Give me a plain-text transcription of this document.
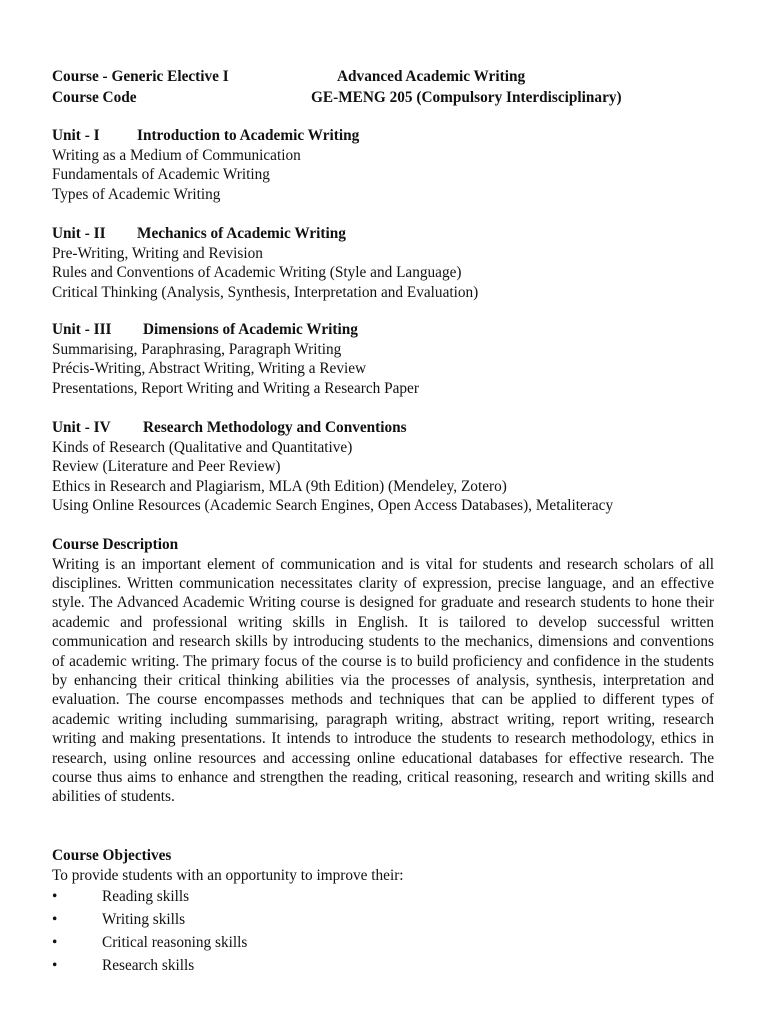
Course - Generic Elective I	Advanced Academic Writing
Course Code	GE-MENG 205 (Compulsory Interdisciplinary)
Unit - I Introduction to Academic Writing
Writing as a Medium of Communication
Fundamentals of Academic Writing
Types of Academic Writing
Unit - II Mechanics of Academic Writing
Pre-Writing, Writing and Revision
Rules and Conventions of Academic Writing (Style and Language)
Critical Thinking (Analysis, Synthesis, Interpretation and Evaluation)
Unit - III Dimensions of Academic Writing
Summarising, Paraphrasing, Paragraph Writing
Précis-Writing, Abstract Writing, Writing a Review
Presentations, Report Writing and Writing a Research Paper
Unit - IV Research Methodology and Conventions
Kinds of Research (Qualitative and Quantitative)
Review (Literature and Peer Review)
Ethics in Research and Plagiarism, MLA (9th Edition) (Mendeley, Zotero)
Using Online Resources (Academic Search Engines, Open Access Databases), Metaliteracy
Course Description

Writing is an important element of communication and is vital for students and research scholars of all disciplines. Written communication necessitates clarity of expression, precise language, and an effective style. The Advanced Academic Writing course is designed for graduate and research students to hone their academic and professional writing skills in English. It is tailored to develop successful written communication and research skills by introducing students to the mechanics, dimensions and conventions of academic writing. The primary focus of the course is to build proficiency and confidence in the students by enhancing their critical thinking abilities via the processes of analysis, synthesis, interpretation and evaluation. The course encompasses methods and techniques that can be applied to different types of academic writing including summarising, paragraph writing, abstract writing, report writing, research writing and making presentations. It intends to introduce the students to research methodology, ethics in research, using online resources and accessing online educational databases for effective research. The course thus aims to enhance and strengthen the reading, critical reasoning, research and writing skills and abilities of students.

Course Objectives
To provide students with an opportunity to improve their:
•	Reading skills
•	Writing skills
•	Critical reasoning skills
•	Research skills
